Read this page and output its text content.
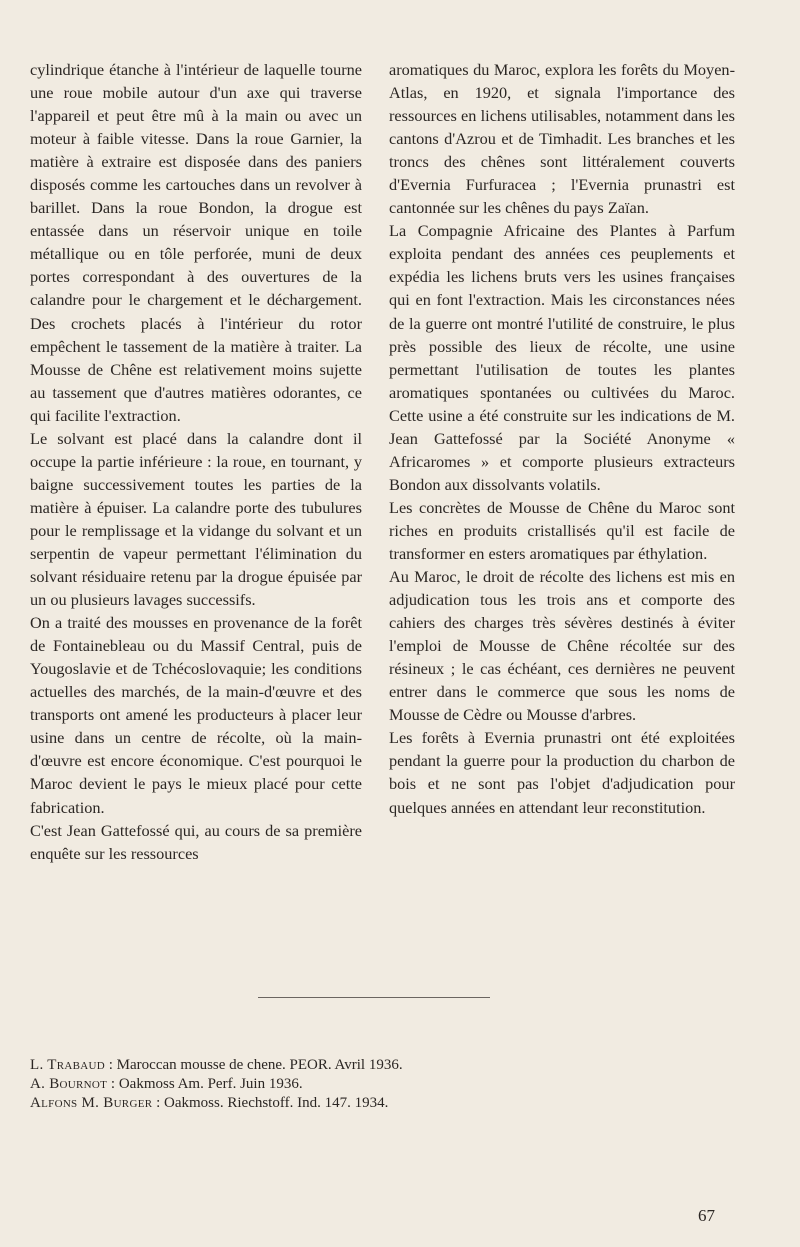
cylindrique étanche à l'intérieur de laquelle tourne une roue mobile autour d'un axe qui traverse l'appareil et peut être mû à la main ou avec un moteur à faible vitesse. Dans la roue Garnier, la matière à extraire est disposée dans des paniers disposés comme les cartouches dans un revolver à barillet. Dans la roue Bondon, la drogue est entassée dans un réservoir unique en toile métallique ou en tôle perforée, muni de deux portes correspondant à des ouvertures de la calandre pour le chargement et le déchargement. Des crochets placés à l'intérieur du rotor empêchent le tassement de la matière à traiter. La Mousse de Chêne est relativement moins sujette au tassement que d'autres matières odorantes, ce qui facilite l'extraction.

Le solvant est placé dans la calandre dont il occupe la partie inférieure : la roue, en tournant, y baigne successivement toutes les parties de la matière à épuiser. La calandre porte des tubulures pour le remplissage et la vidange du solvant et un serpentin de vapeur permettant l'élimination du solvant résiduaire retenu par la drogue épuisée par un ou plusieurs lavages successifs.

On a traité des mousses en provenance de la forêt de Fontainebleau ou du Massif Central, puis de Yougoslavie et de Tchécoslovaquie; les conditions actuelles des marchés, de la main-d'œuvre et des transports ont amené les producteurs à placer leur usine dans un centre de récolte, où la main-d'œuvre est encore économique. C'est pourquoi le Maroc devient le pays le mieux placé pour cette fabrication.

C'est Jean Gattefossé qui, au cours de sa première enquête sur les ressources

aromatiques du Maroc, explora les forêts du Moyen-Atlas, en 1920, et signala l'importance des ressources en lichens utilisables, notamment dans les cantons d'Azrou et de Timhadit. Les branches et les troncs des chênes sont littéralement couverts d'Evernia Furfuracea ; l'Evernia prunastri est cantonnée sur les chênes du pays Zaïan.

La Compagnie Africaine des Plantes à Parfum exploita pendant des années ces peuplements et expédia les lichens bruts vers les usines françaises qui en font l'extraction. Mais les circonstances nées de la guerre ont montré l'utilité de construire, le plus près possible des lieux de récolte, une usine permettant l'utilisation de toutes les plantes aromatiques spontanées ou cultivées du Maroc. Cette usine a été construite sur les indications de M. Jean Gattefossé par la Société Anonyme « Africaromes » et comporte plusieurs extracteurs Bondon aux dissolvants volatils.

Les concrètes de Mousse de Chêne du Maroc sont riches en produits cristallisés qu'il est facile de transformer en esters aromatiques par éthylation.

Au Maroc, le droit de récolte des lichens est mis en adjudication tous les trois ans et comporte des cahiers des charges très sévères destinés à éviter l'emploi de Mousse de Chêne récoltée sur des résineux ; le cas échéant, ces dernières ne peuvent entrer dans le commerce que sous les noms de Mousse de Cèdre ou Mousse d'arbres.

Les forêts à Evernia prunastri ont été exploitées pendant la guerre pour la production du charbon de bois et ne sont pas l'objet d'adjudication pour quelques années en attendant leur reconstitution.

L. Trabaud : Maroccan mousse de chene. PEOR. Avril 1936.
A. Bournot : Oakmoss Am. Perf. Juin 1936.
Alfons M. Burger : Oakmoss. Riechstoff. Ind. 147. 1934.
67
